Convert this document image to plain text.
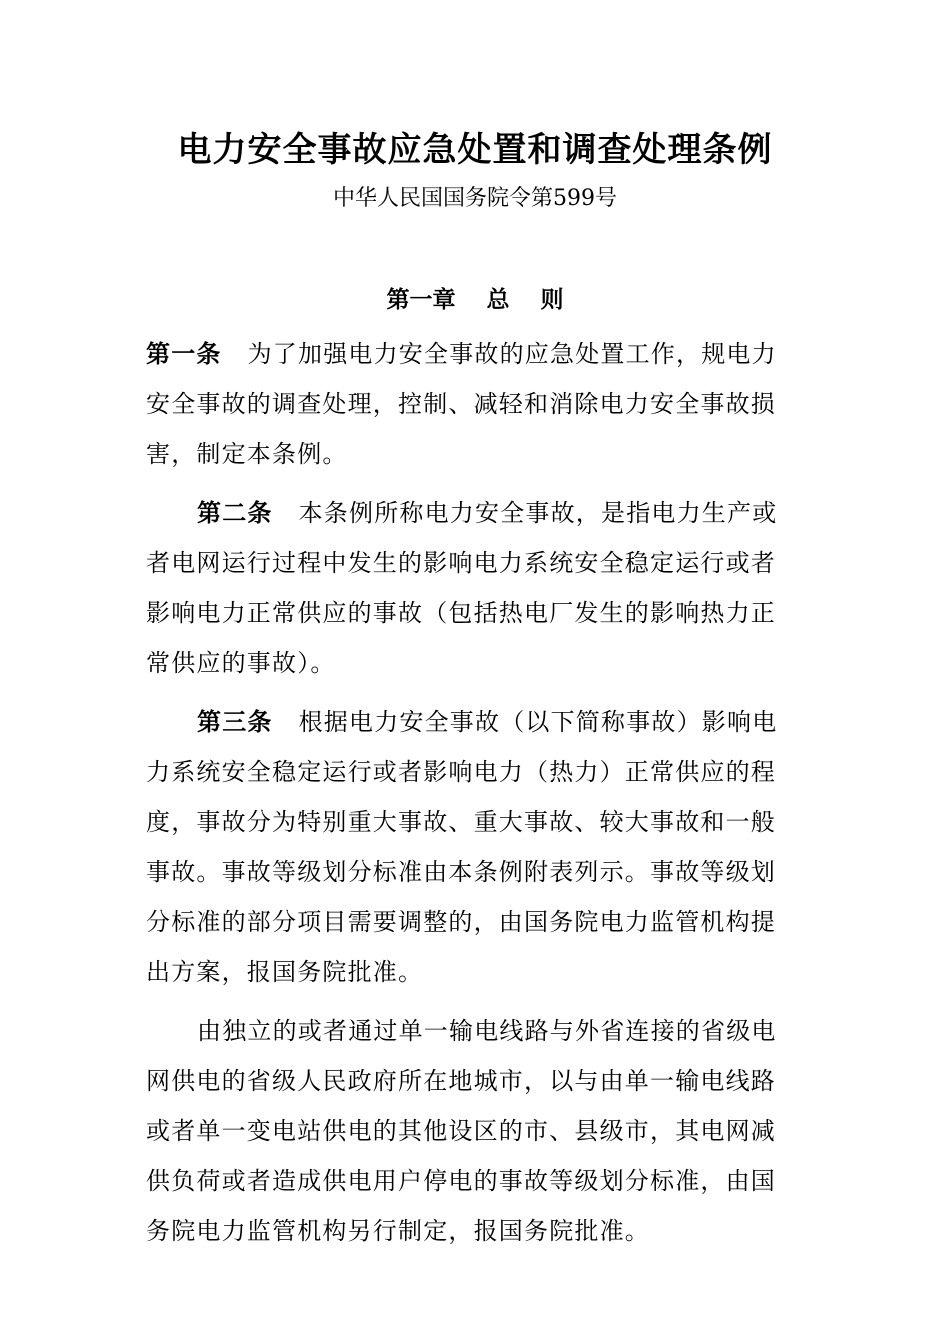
电力安全事故应急处置和调查处理条例
中华人民国国务院令第599号
第一章　 总　 则
第一条 为了加强电力安全事故的应急处置工作，规电力
安全事故的调查处理，控制、减轻和消除电力安全事故损
害，制定本条例。
第二条 本条例所称电力安全事故，是指电力生产或
者电网运行过程中发生的影响电力系统安全稳定运行或者
影响电力正常供应的事故（包括热电厂发生的影响热力正
常供应的事故）。
第三条 根据电力安全事故（以下简称事故）影响电
力系统安全稳定运行或者影响电力（热力）正常供应的程
度，事故分为特别重大事故、重大事故、较大事故和一般
事故。事故等级划分标准由本条例附表列示。事故等级划
分标准的部分项目需要调整的，由国务院电力监管机构提
出方案，报国务院批准。
由独立的或者通过单一输电线路与外省连接的省级电
网供电的省级人民政府所在地城市，以与由单一输电线路
或者单一变电站供电的其他设区的市、县级市，其电网减
供负荷或者造成供电用户停电的事故等级划分标准，由国
务院电力监管机构另行制定，报国务院批准。
